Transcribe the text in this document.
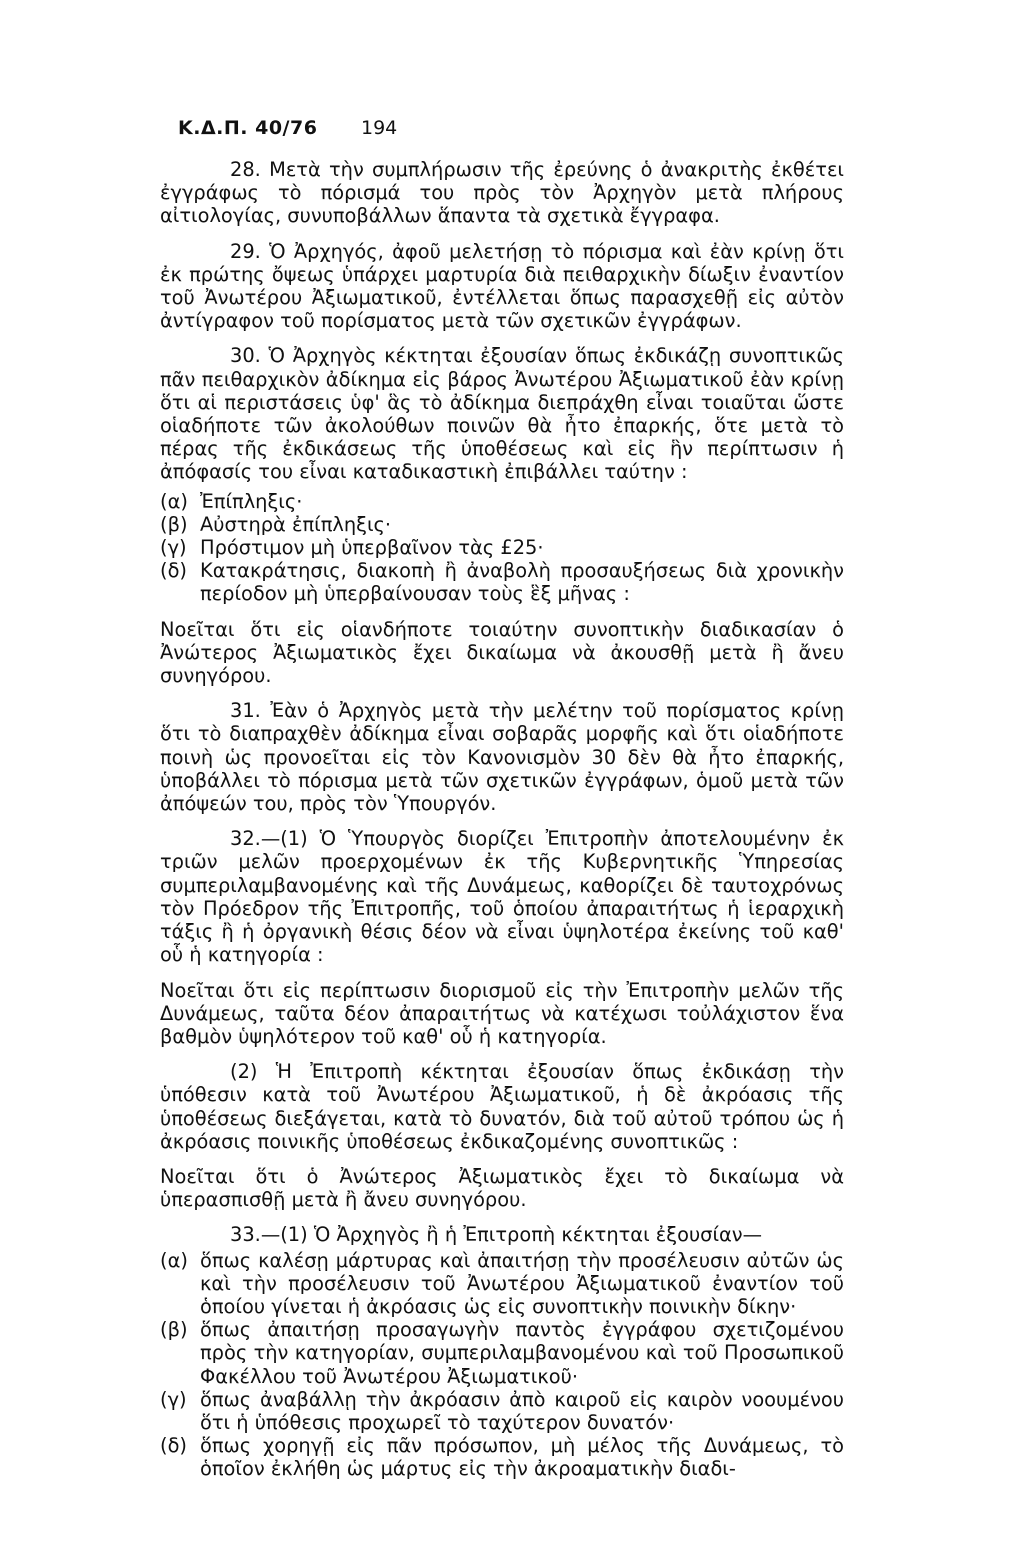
Κ.Δ.Π. 40/76 194

28. Μετὰ τὴν συμπλήρωσιν τῆς ἐρεύνης ὁ ἀνακριτὴς ἐκθέτει ἐγγράφως τὸ πόρισμά του πρὸς τὸν Ἀρχηγὸν μετὰ πλήρους αἰτιολογίας, συνυποβάλλων ἅπαντα τὰ σχετικὰ ἔγγραφα.

29. Ὁ Ἀρχηγός, ἀφοῦ μελετήσῃ τὸ πόρισμα καὶ ἐὰν κρίνῃ ὅτι ἐκ πρώτης ὄψεως ὑπάρχει μαρτυρία διὰ πειθαρχικὴν δίωξιν ἐναντίον τοῦ Ἀνωτέρου Ἀξιωματικοῦ, ἐντέλλεται ὅπως παρασχεθῇ εἰς αὐτὸν ἀντίγραφον τοῦ πορίσματος μετὰ τῶν σχετικῶν ἐγγράφων.

30. Ὁ Ἀρχηγὸς κέκτηται ἐξουσίαν ὅπως ἐκδικάζῃ συνοπτικῶς πᾶν πειθαρχικὸν ἀδίκημα εἰς βάρος Ἀνωτέρου Ἀξιωματικοῦ ἐὰν κρίνῃ ὅτι αἱ περιστάσεις ὑφ' ἃς τὸ ἀδίκημα διεπράχθη εἶναι τοιαῦται ὥστε οἱαδήποτε τῶν ἀκολούθων ποινῶν θὰ ἦτο ἐπαρκής, ὅτε μετὰ τὸ πέρας τῆς ἐκδικάσεως τῆς ὑποθέσεως καὶ εἰς ἣν περίπτωσιν ἡ ἀπόφασίς του εἶναι καταδικαστικὴ ἐπιβάλλει ταύτην :

(α) Ἐπίπληξις·
(β) Αὐστηρὰ ἐπίπληξις·
(γ) Πρόστιμον μὴ ὑπερβαῖνον τὰς £25·
(δ) Κατακράτησις, διακοπὴ ἢ ἀναβολὴ προσαυξήσεως διὰ χρονικὴν περίοδον μὴ ὑπερβαίνουσαν τοὺς ἓξ μῆνας :

Νοεῖται ὅτι εἰς οἱανδήποτε τοιαύτην συνοπτικὴν διαδικασίαν ὁ Ἀνώτερος Ἀξιωματικὸς ἔχει δικαίωμα νὰ ἀκουσθῇ μετὰ ἢ ἄνευ συνηγόρου.

31. Ἐὰν ὁ Ἀρχηγὸς μετὰ τὴν μελέτην τοῦ πορίσματος κρίνῃ ὅτι τὸ διαπραχθὲν ἀδίκημα εἶναι σοβαρᾶς μορφῆς καὶ ὅτι οἱαδήποτε ποινὴ ὡς προνοεῖται εἰς τὸν Κανονισμὸν 30 δὲν θὰ ἦτο ἐπαρκής, ὑποβάλλει τὸ πόρισμα μετὰ τῶν σχετικῶν ἐγγράφων, ὁμοῦ μετὰ τῶν ἀπόψεών του, πρὸς τὸν Ὑπουργόν.

32.—(1) Ὁ Ὑπουργὸς διορίζει Ἐπιτροπὴν ἀποτελουμένην ἐκ τριῶν μελῶν προερχομένων ἐκ τῆς Κυβερνητικῆς Ὑπηρεσίας συμπεριλαμβανομένης καὶ τῆς Δυνάμεως, καθορίζει δὲ ταυτοχρόνως τὸν Πρόεδρον τῆς Ἐπιτροπῆς, τοῦ ὁποίου ἀπαραιτήτως ἡ ἱεραρχικὴ τάξις ἢ ἡ ὀργανικὴ θέσις δέον νὰ εἶναι ὑψηλοτέρα ἐκείνης τοῦ καθ' οὗ ἡ κατηγορία :

Νοεῖται ὅτι εἰς περίπτωσιν διορισμοῦ εἰς τὴν Ἐπιτροπὴν μελῶν τῆς Δυνάμεως, ταῦτα δέον ἀπαραιτήτως νὰ κατέχωσι τοὐλάχιστον ἕνα βαθμὸν ὑψηλότερον τοῦ καθ' οὗ ἡ κατηγορία.

(2) Ἡ Ἐπιτροπὴ κέκτηται ἐξουσίαν ὅπως ἐκδικάσῃ τὴν ὑπόθεσιν κατὰ τοῦ Ἀνωτέρου Ἀξιωματικοῦ, ἡ δὲ ἀκρόασις τῆς ὑποθέσεως διεξάγεται, κατὰ τὸ δυνατόν, διὰ τοῦ αὐτοῦ τρόπου ὡς ἡ ἀκρόασις ποινικῆς ὑποθέσεως ἐκδικαζομένης συνοπτικῶς :

Νοεῖται ὅτι ὁ Ἀνώτερος Ἀξιωματικὸς ἔχει τὸ δικαίωμα νὰ ὑπερασπισθῇ μετὰ ἢ ἄνευ συνηγόρου.

33.—(1) Ὁ Ἀρχηγὸς ἢ ἡ Ἐπιτροπὴ κέκτηται ἐξουσίαν—

(α) ὅπως καλέσῃ μάρτυρας καὶ ἀπαιτήσῃ τὴν προσέλευσιν αὐτῶν ὡς καὶ τὴν προσέλευσιν τοῦ Ἀνωτέρου Ἀξιωματικοῦ ἐναντίον τοῦ ὁποίου γίνεται ἡ ἀκρόασις ὡς εἰς συνοπτικὴν ποινικὴν δίκην·
(β) ὅπως ἀπαιτήσῃ προσαγωγὴν παντὸς ἐγγράφου σχετιζομένου πρὸς τὴν κατηγορίαν, συμπεριλαμβανομένου καὶ τοῦ Προσωπικοῦ Φακέλλου τοῦ Ἀνωτέρου Ἀξιωματικοῦ·
(γ) ὅπως ἀναβάλλῃ τὴν ἀκρόασιν ἀπὸ καιροῦ εἰς καιρὸν νοουμένου ὅτι ἡ ὑπόθεσις προχωρεῖ τὸ ταχύτερον δυνατόν·
(δ) ὅπως χορηγῇ εἰς πᾶν πρόσωπον, μὴ μέλος τῆς Δυνάμεως, τὸ ὁποῖον ἐκλήθη ὡς μάρτυς εἰς τὴν ἀκροαματικὴν διαδι-
